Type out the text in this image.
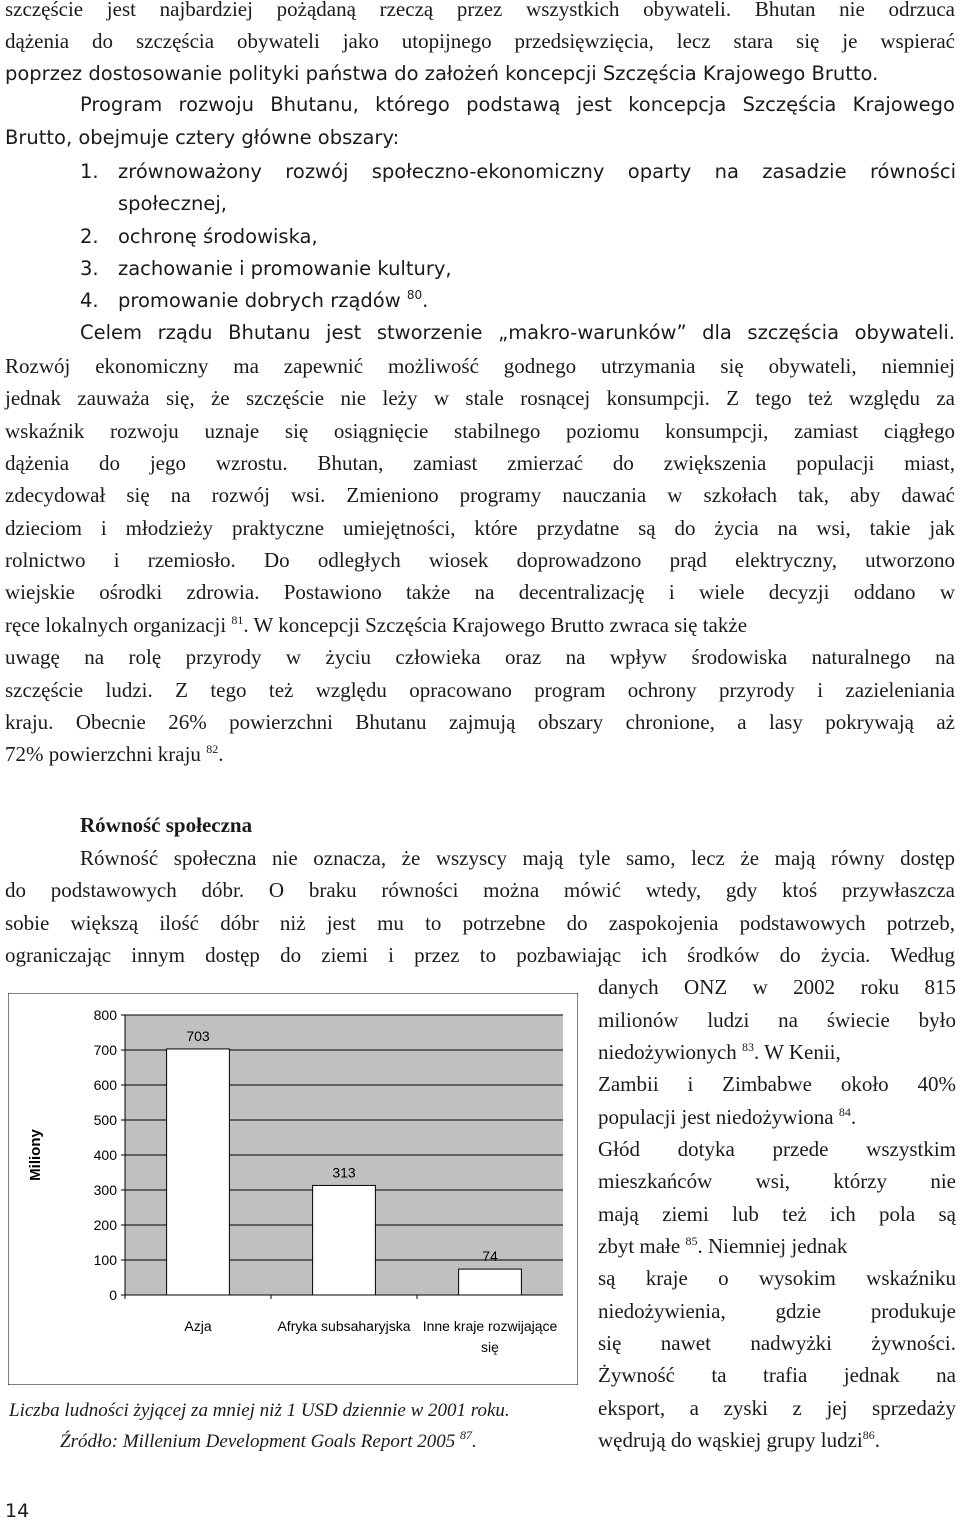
szczęście jest najbardziej pożądaną rzeczą przez wszystkich obywateli. Bhutan nie odrzuca
dążenia do szczęścia obywateli jako utopijnego przedsięwzięcia, lecz stara się je wspierać
poprzez dostosowanie polityki państwa do założeń koncepcji Szczęścia Krajowego Brutto.
Program rozwoju Bhutanu, którego podstawą jest koncepcja Szczęścia Krajowego
Brutto, obejmuje cztery główne obszary:
1. zrównoważony rozwój społeczno-ekonomiczny oparty na zasadzie równości
społecznej,
2. ochronę środowiska,
3. zachowanie i promowanie kultury,
4. promowanie dobrych rządów $^{80}$.
Celem rządu Bhutanu jest stworzenie „makro-warunków” dla szczęścia obywateli.
Rozwój ekonomiczny ma zapewnić możliwość godnego utrzymania się obywateli, niemniej
jednak zauważa się, że szczęście nie leży w stale rosnącej konsumpcji. Z tego też względu za
wskaźnik rozwoju uznaje się osiągnięcie stabilnego poziomu konsumpcji, zamiast ciągłego
dążenia do jego wzrostu. Bhutan, zamiast zmierzać do zwiększenia populacji miast,
zdecydował się na rozwój wsi. Zmieniono programy nauczania w szkołach tak, aby dawać
dzieciom i młodzieży praktyczne umiejętności, które przydatne są do życia na wsi, takie jak
rolnictwo i rzemiosło. Do odległych wiosek doprowadzono prąd elektryczny, utworzono
wiejskie ośrodki zdrowia. Postawiono także na decentralizację i wiele decyzji oddano w
ręce lokalnych organizacji $^{81}$. W koncepcji Szczęścia Krajowego Brutto zwraca się także
uwagę na rolę przyrody w życiu człowieka oraz na wpływ środowiska naturalnego na
szczęście ludzi. Z tego też względu opracowano program ochrony przyrody i zazieleniania
kraju. Obecnie 26% powierzchni Bhutanu zajmują obszary chronione, a lasy pokrywają aż
72% powierzchni kraju $^{82}$.
Równość społeczna
Równość społeczna nie oznacza, że wszyscy mają tyle samo, lecz że mają równy dostęp
do podstawowych dóbr. O braku równości można mówić wtedy, gdy ktoś przywłaszcza
sobie większą ilość dóbr niż jest mu to potrzebne do zaspokojenia podstawowych potrzeb,
ograniczając innym dostęp do ziemi i przez to pozbawiając ich środków do życia. Według
danych ONZ w 2002 roku 815
milionów ludzi na świecie było
niedożywionych $^{83}$. W Kenii,
Zambii i Zimbabwe około 40%
populacji jest niedożywiona $^{84}$.
Głód dotyka przede wszystkim
mieszkańców wsi, którzy nie
mają ziemi lub też ich pola są
zbyt małe $^{85}$. Niemniej jednak
są kraje o wysokim wskaźniku
niedożywienia, gdzie produkuje
się nawet nadwyżki żywności.
Żywność ta trafia jednak na
eksport, a zyski z jej sprzedaży
wędrują do wąskiej grupy ludzi$^{86}$.
0
100
200
300
400
500
600
700
800
703
313
74
Azja	Afryka subsaharyjska Inne kraje rozwijające się
Miliony
Liczba ludności żyjącej za mniej niż 1 USD dziennie w 2001 roku.
Źródło: Millenium Development Goals Report 2005 $^{87}$.
14
